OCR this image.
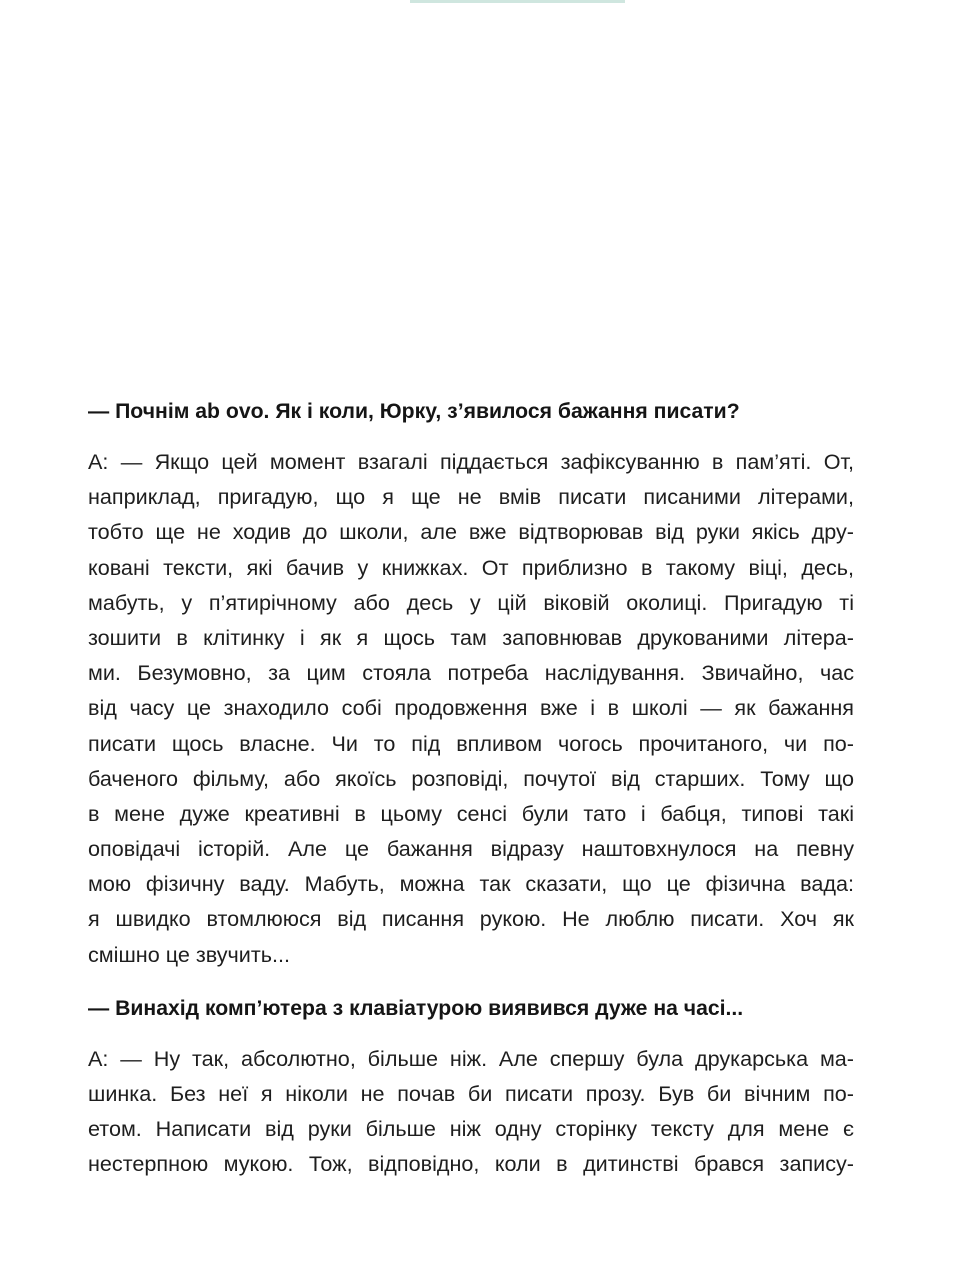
— Почнім ab ovo. Як і коли, Юрку, з’явилося бажання писати?

А: — Якщо цей момент взагалі піддається зафіксуванню в пам’яті. От,
наприклад, пригадую, що я ще не вмів писати писаними літерами,
тобто ще не ходив до школи, але вже відтворював від руки якісь дру-
ковані тексти, які бачив у книжках. От приблизно в такому віці, десь,
мабуть, у п’ятирічному або десь у цій віковій околиці. Пригадую ті
зошити в клітинку і як я щось там заповнював друкованими літера-
ми. Безумовно, за цим стояла потреба наслідування. Звичайно, час
від часу це знаходило собі продовження вже і в школі — як бажання
писати щось власне. Чи то під впливом чогось прочитаного, чи по-
баченого фільму, або якоїсь розповіді, почутої від старших. Тому що
в мене дуже креативні в цьому сенсі були тато і бабця, типові такі
оповідачі історій. Але це бажання відразу наштовхнулося на певну
мою фізичну ваду. Мабуть, можна так сказати, що це фізична вада:
я швидко втомлююся від писання рукою. Не люблю писати. Хоч як
смішно це звучить...

— Винахід комп’ютера з клавіатурою виявився дуже на часі...

А: — Ну так, абсолютно, більше ніж. Але спершу була друкарська ма-
шинка. Без неї я ніколи не почав би писати прозу. Був би вічним по-
етом. Написати від руки більше ніж одну сторінку тексту для мене є
нестерпною мукою. Тож, відповідно, коли в дитинстві брався запису-
